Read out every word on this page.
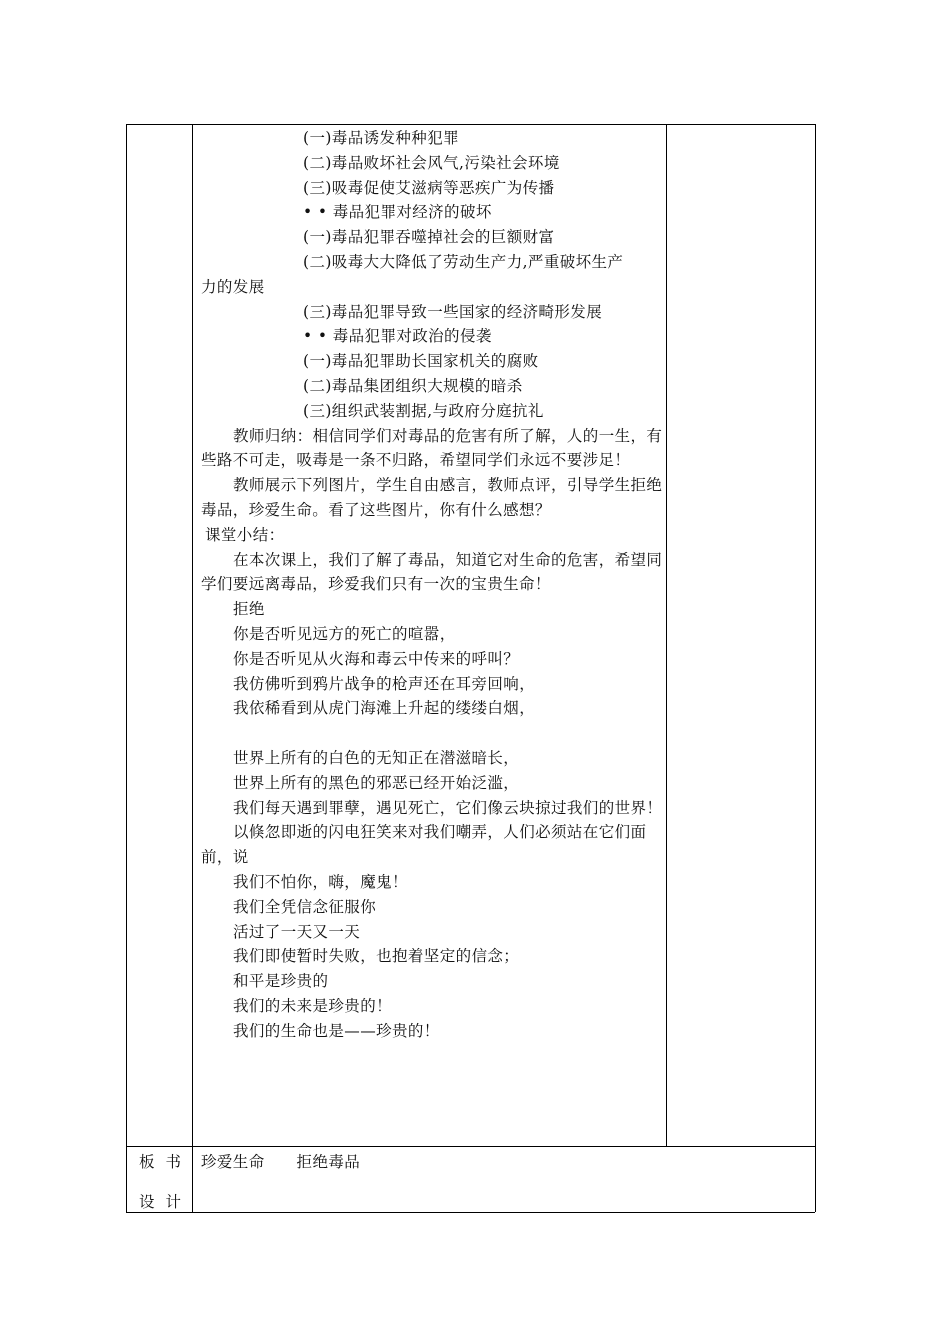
(一)毒品诱发种种犯罪

(二)毒品败坏社会风气,污染社会环境

(三)吸毒促使艾滋病等恶疾广为传播

• • 毒品犯罪对经济的破坏

(一)毒品犯罪吞噬掉社会的巨额财富

(二)吸毒大大降低了劳动生产力,严重破坏生产

力的发展

(三)毒品犯罪导致一些国家的经济畸形发展

• • 毒品犯罪对政治的侵袭

(一)毒品犯罪助长国家机关的腐败

(二)毒品集团组织大规模的暗杀

(三)组织武装割据,与政府分庭抗礼

教师归纳：相信同学们对毒品的危害有所了解，人的一生，有些路不可走，吸毒是一条不归路，希望同学们永远不要涉足！

教师展示下列图片，学生自由感言，教师点评，引导学生拒绝毒品，珍爱生命。看了这些图片，你有什么感想？

课堂小结：

在本次课上，我们了解了毒品，知道它对生命的危害，希望同学们要远离毒品，珍爱我们只有一次的宝贵生命！

拒绝

你是否听见远方的死亡的喧嚣，

你是否听见从火海和毒云中传来的呼叫？

我仿佛听到鸦片战争的枪声还在耳旁回响，

我依稀看到从虎门海滩上升起的缕缕白烟，

世界上所有的白色的无知正在潜滋暗长，

世界上所有的黑色的邪恶已经开始泛滥，

我们每天遇到罪孽，遇见死亡，它们像云块掠过我们的世界！

以倏忽即逝的闪电狂笑来对我们嘲弄，人们必须站在它们面前，说

我们不怕你，嗨，魔鬼！

我们全凭信念征服你

活过了一天又一天

我们即使暂时失败，也抱着坚定的信念；

和平是珍贵的

我们的未来是珍贵的！

我们的生命也是——珍贵的！

板  书
设  计
珍爱生命      拒绝毒品
